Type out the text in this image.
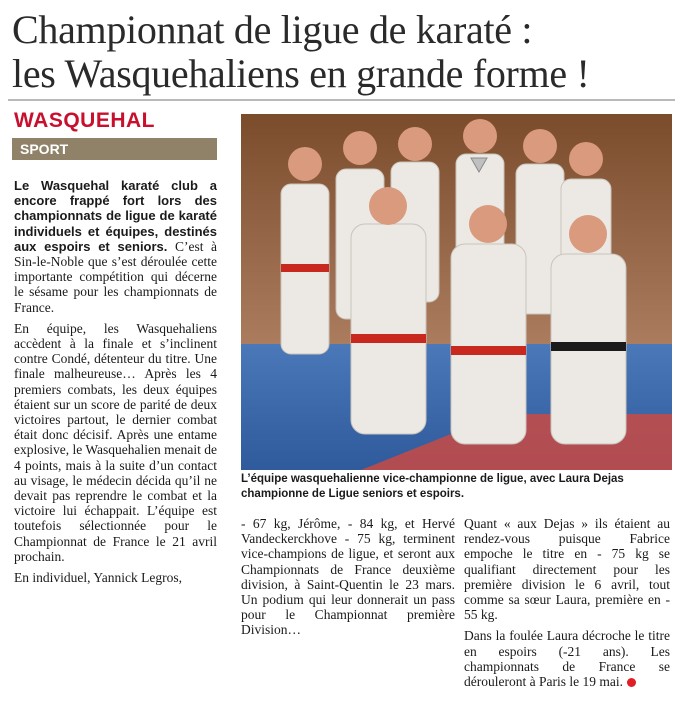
Championnat de ligue de karaté :
les Wasquehaliens en grande forme !
WASQUEHAL
SPORT

Le Wasquehal karaté club a encore frappé fort lors des championnats de ligue de karaté individuels et équipes, destinés aux espoirs et seniors. C’est à Sin-le-Noble que s’est déroulée cette importante compétition qui décerne le sésame pour les championnats de France.

En équipe, les Wasquehaliens accèdent à la finale et s’inclinent contre Condé, détenteur du titre. Une finale malheureuse… Après les 4 premiers combats, les deux équipes étaient sur un score de parité de deux victoires partout, le dernier combat était donc décisif. Après une entame explosive, le Wasquehalien menait de 4 points, mais à la suite d’un contact au visage, le médecin décida qu’il ne devait pas reprendre le combat et la victoire lui échappait. L’équipe est toutefois sélectionnée pour le Championnat de France le 21 avril prochain.

En individuel, Yannick Legros,

L’équipe wasquehalienne vice-championne de ligue, avec Laura Dejas championne de Ligue seniors et espoirs.

- 67 kg, Jérôme, - 84 kg, et Hervé Vandeckerckhove - 75 kg, terminent vice-champions de ligue, et seront aux Championnats de France deuxième division, à Saint-Quentin le 23 mars. Un podium qui leur donnerait un pass pour le Championnat première Division…

Quant « aux Dejas » ils étaient au rendez-vous puisque Fabrice empoche le titre en - 75 kg se qualifiant directement pour les première division le 6 avril, tout comme sa sœur Laura, première en - 55 kg.

Dans la foulée Laura décroche le titre en espoirs (-21 ans). Les championnats de France se dérouleront à Paris le 19 mai.
